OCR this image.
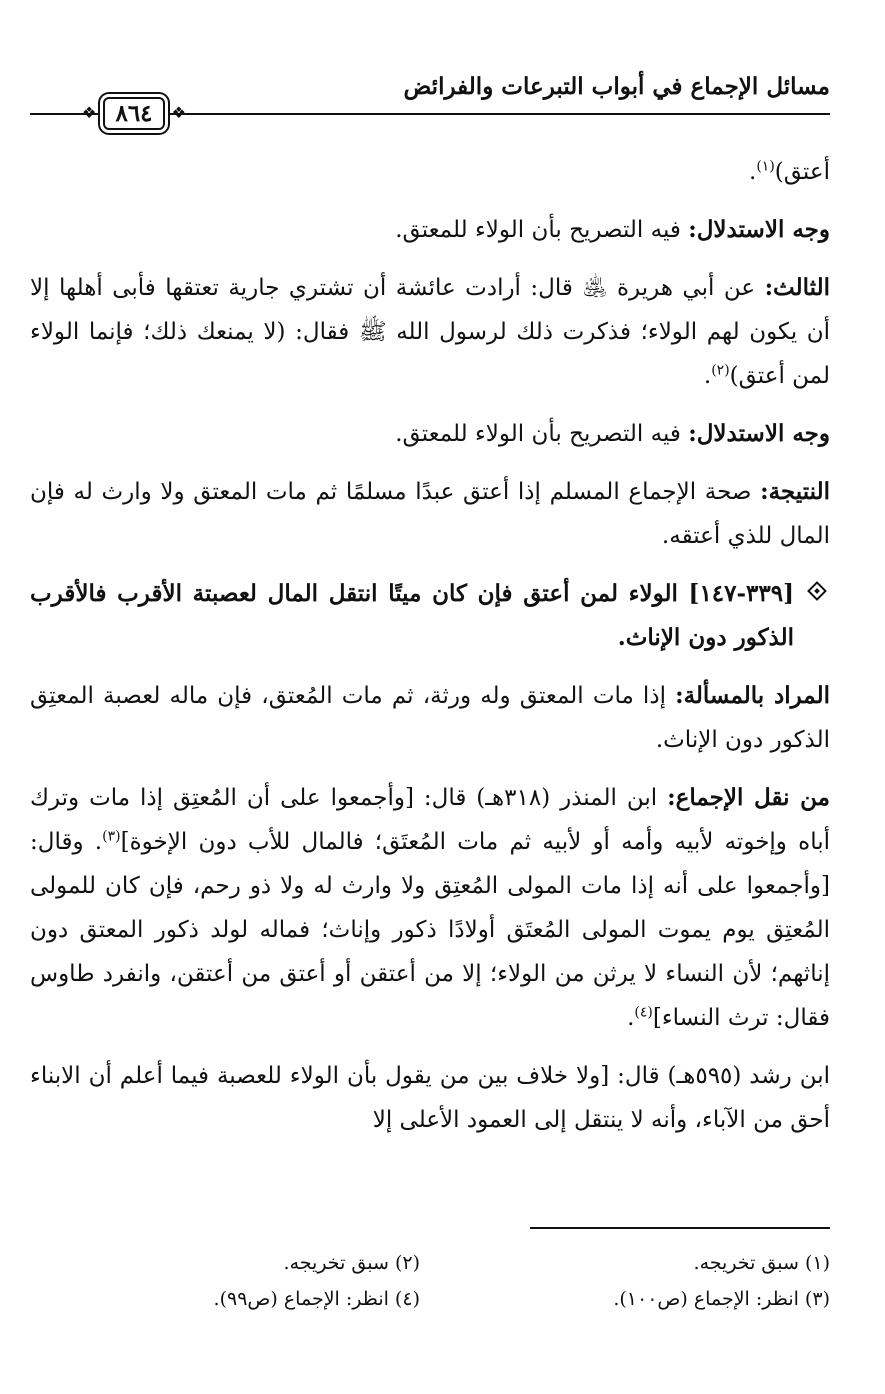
مسائل الإجماع في أبواب التبرعات والفرائض
❖
٨٦٤
❖

أعتق)$^{(١)}$.

وجه الاستدلال: فيه التصريح بأن الولاء للمعتق.

الثالث: عن أبي هريرة ﵁ قال: أرادت عائشة أن تشتري جارية تعتقها فأبى أهلها إلا أن يكون لهم الولاء؛ فذكرت ذلك لرسول الله ﷺ فقال: (لا يمنعك ذلك؛ فإنما الولاء لمن أعتق)$^{(٢)}$.

وجه الاستدلال: فيه التصريح بأن الولاء للمعتق.

النتيجة: صحة الإجماع المسلم إذا أعتق عبدًا مسلمًا ثم مات المعتق ولا وارث له فإن المال للذي أعتقه.

[٣٣٩-١٤٧] الولاء لمن أعتق فإن كان ميتًا انتقل المال لعصبتة الأقرب فالأقرب الذكور دون الإناث.

المراد بالمسألة: إذا مات المعتق وله ورثة، ثم مات المُعتق، فإن ماله لعصبة المعتِق الذكور دون الإناث.

من نقل الإجماع: ابن المنذر (٣١٨هـ) قال: [وأجمعوا على أن المُعتِق إذا مات وترك أباه وإخوته لأبيه وأمه أو لأبيه ثم مات المُعتَق؛ فالمال للأب دون الإخوة]$^{(٣)}$. وقال: [وأجمعوا على أنه إذا مات المولى المُعتِق ولا وارث له ولا ذو رحم، فإن كان للمولى المُعتِق يوم يموت المولى المُعتَق أولادًا ذكور وإناث؛ فماله لولد ذكور المعتق دون إناثهم؛ لأن النساء لا يرثن من الولاء؛ إلا من أعتقن أو أعتق من أعتقن، وانفرد طاوس فقال: ترث النساء]$^{(٤)}$.

ابن رشد (٥٩٥هـ) قال: [ولا خلاف بين من يقول بأن الولاء للعصبة فيما أعلم أن الابناء أحق من الآباء، وأنه لا ينتقل إلى العمود الأعلى إلا

(١) سبق تخريجه.
(٢) سبق تخريجه.
(٣) انظر: الإجماع (ص١٠٠).
(٤) انظر: الإجماع (ص٩٩).
